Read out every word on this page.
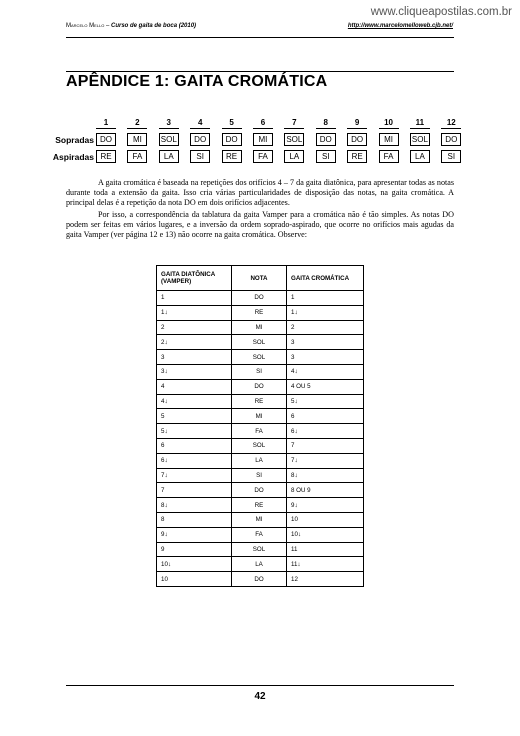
www.cliqueapostilas.com.br
Marcelo Mello – Curso de gaita de boca (2010)	http://www.marcelomelloweb.cjb.net/
APÊNDICE 1: GAITA CROMÁTICA
1	2	3	4	5	6	7	8	9	10	11	12
Sopradas DO	MI	SOL	DO	DO	MI	SOL	DO	DO	MI	SOL	DO
Aspiradas RE	FA	LA	SI	RE	FA	LA	SI	RE	FA	LA	SI

A gaita cromática é baseada na repetições dos orifícios 4 – 7 da gaita diatônica, para apresentar todas as notas durante toda a extensão da gaita. Isso cria várias particularidades de disposição das notas, na gaita cromática. A principal delas é a repetição da nota DO em dois orifícios adjacentes.

Por isso, a correspondência da tablatura da gaita Vamper para a cromática não é tão simples. As notas DO podem ser feitas em vários lugares, e a inversão da ordem soprado-aspirado, que ocorre no orifícios mais agudas da gaita Vamper (ver página 12 e 13) não ocorre na gaita cromática. Observe:

GAITA DIATÔNICA (VAMPER)	NOTA	GAITA CROMÁTICA
1	DO	1
1↓	RE	1↓
2	MI	2
2↓	SOL	3
3	SOL	3
3↓	SI	4↓
4	DO	4 OU 5
4↓	RE	5↓
5	MI	6
5↓	FA	6↓
6	SOL	7
6↓	LA	7↓
7↓	SI	8↓
7	DO	8 OU 9
8↓	RE	9↓
8	MI	10
9↓	FA	10↓
9	SOL	11
10↓	LA	11↓
10	DO	12
42
